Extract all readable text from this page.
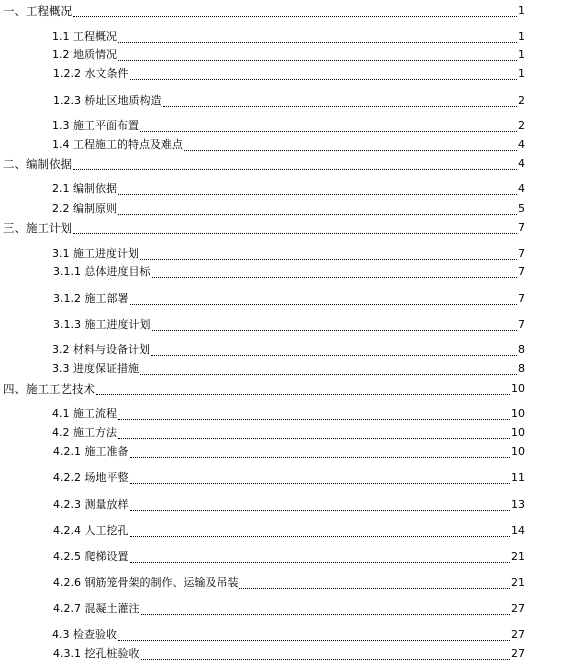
一、工程概况	1
1.1 工程概况	1
1.2 地质情况	1
1.2.2 水文条件	1
1.2.3 桥址区地质构造	2
1.3 施工平面布置	2
1.4 工程施工的特点及难点	4
二、编制依据	4
2.1 编制依据	4
2.2 编制原则	5
三、施工计划	7
3.1 施工进度计划	7
3.1.1 总体进度目标	7
3.1.2 施工部署	7
3.1.3 施工进度计划	7
3.2 材料与设备计划	8
3.3 进度保证措施	8
四、施工工艺技术	10
4.1 施工流程	10
4.2 施工方法	10
4.2.1 施工准备	10
4.2.2 场地平整	11
4.2.3 测量放样	13
4.2.4 人工挖孔	14
4.2.5 爬梯设置	21
4.2.6 钢筋笼骨架的制作、运输及吊装	21
4.2.7 混凝土灌注	27
4.3 检查验收	27
4.3.1 挖孔桩验收	27
